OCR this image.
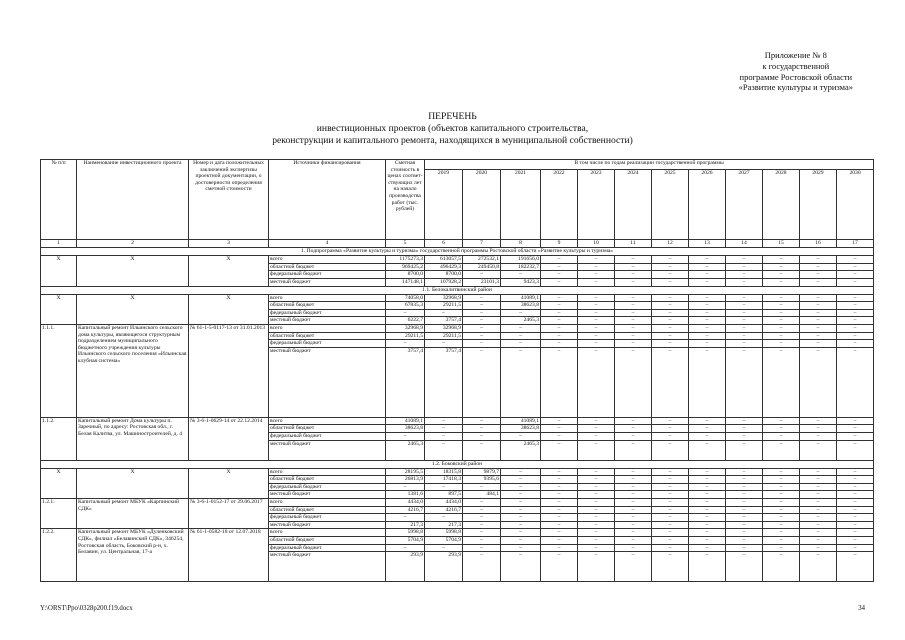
Приложение № 8
к государственной
программе Ростовской области
«Развитие культуры и туризма»
ПЕРЕЧЕНЬ
инвестиционных проектов (объектов капитального строительства,
реконструкции и капитального ремонта, находящихся в муниципальной собственности)
№ п/п	Наименование инвестиционного проекта	Номер и дата положительных заключений экспертизы проектной документации, о достоверности определения сметной стоимости	Источники финансирования	Сметная стоимость в ценах соответ-ствующих лет на начало производства работ (тыс. рублей)	В том числе по годам реализации государственной программы											
					2019	2020	2021	2022	2023	2024	2025	2026	2027	2028	2029	2030
1	2	3	4	5	6	7	8	9	10	11	12	13	14	15	16	17
1. Подпрограмма «Развитие культуры и туризма» государственной программы Ростовской области «Развитие культуры и туризма»																
Х	Х	Х	всего	1175273,3	613057,5	272532,1	191656,0	–	–	–	–	–	–	–	–	–
			областной бюджет	969425,2	496429,3	249450,8	182232,7	–	–	–	–	–	–	–	–	–
			федеральный бюджет	8700,0	8700,0	–	–	–	–	–	–	–	–	–	–	–
			местный бюджет	147148,1	107928,2	23101,3	9423,3	–	–	–	–	–	–	–	–	–
1.1. Белокалитвинский район																
Х	Х	Х	всего	74058,0	32968,9	–	41089,1	–	–	–	–	–	–	–	–	–
			областной бюджет	67835,3	29211,5	–	38623,8	–	–	–	–	–	–	–	–	–
			федеральный бюджет	–	–	–	–	–	–	–	–	–	–	–	–	–
			местный бюджет	6222,7	3757,4	–	2465,3	–	–	–	–	–	–	–	–	–
1.1.1.	Капитальный ремонт Ильинского сельского дома культуры, являющегося структурным подразделением муниципального бюджетного учреждения культуры Ильинского сельского поселения «Ильинская клубная система»	№ 61-1-5-0117-13 от 31.01.2013	всего	32968,9	32968,9	–	–	–	–	–	–	–	–	–	–	–
			областной бюджет	29211,5	29211,5	–	–	–	–	–	–	–	–	–	–	–
			федеральный бюджет	–	–	–	–	–	–	–	–	–	–	–	–	–
			местный бюджет	3757,4	3757,4	–	–	–	–	–	–	–	–	–	–	–
1.1.2.	Капитальный ремонт Дома культуры п. Заречный, по адресу: Ростовская обл., г. Белая Калитва, ул. Машиностроителей, д. 4	№ 3-6-1-0629-14 от 22.12.2014	всего	41089,1	–	–	41089,1	–	–	–	–	–	–	–	–	–
			областной бюджет	38623,8	–	–	38623,8	–	–	–	–	–	–	–	–	–
			федеральный бюджет	–	–	–	–	–	–	–	–	–	–	–	–	–
			местный бюджет	2465,3	–	–	2465,3	–	–	–	–	–	–	–	–	–
1.2. Боковский район																
Х	Х	Х	всего	28195,5	18315,8	9879,7	–	–	–	–	–	–	–	–	–	–
			областной бюджет	26813,9	17418,3	9395,6	–	–	–	–	–	–	–	–	–	–
			федеральный бюджет	–	–	–	–	–	–	–	–	–	–	–	–	–
			местный бюджет	1381,6	897,5	484,1	–	–	–	–	–	–	–	–	–	–
1.2.1.	Капитальный ремонт МБУК «Карпинский СДК»	№ 3-6-1-0152-17 от 29.06.2017	всего	4434,0	4434,0	–	–	–	–	–	–	–	–	–	–	–
			областной бюджет	4216,7	4216,7	–	–	–	–	–	–	–	–	–	–	–
			федеральный бюджет	–	–	–	–	–	–	–	–	–	–	–	–	–
			местный бюджет	217,3	217,3	–	–	–	–	–	–	–	–	–	–	–
1.2.2.	Капитальный ремонт МБУК «Дуленковский СДК», филиал «Белавинский СДК», 346254, Ростовская область, Боковский р-н, х. Белавин, ул. Центральная, 17-а	№ 61-1-0582-18 от 12.07.2018	всего	5998,8	5998,8	–	–	–	–	–	–	–	–	–	–	–
			областной бюджет	5704,9	5704,9	–	–	–	–	–	–	–	–	–	–	–
			федеральный бюджет	–	–	–	–	–	–	–	–	–	–	–	–	–
			местный бюджет	293,9	293,9	–	–	–	–	–	–	–	–	–	–	–
Y:\ORST\Ppo\0328p200.f19.docx	34
